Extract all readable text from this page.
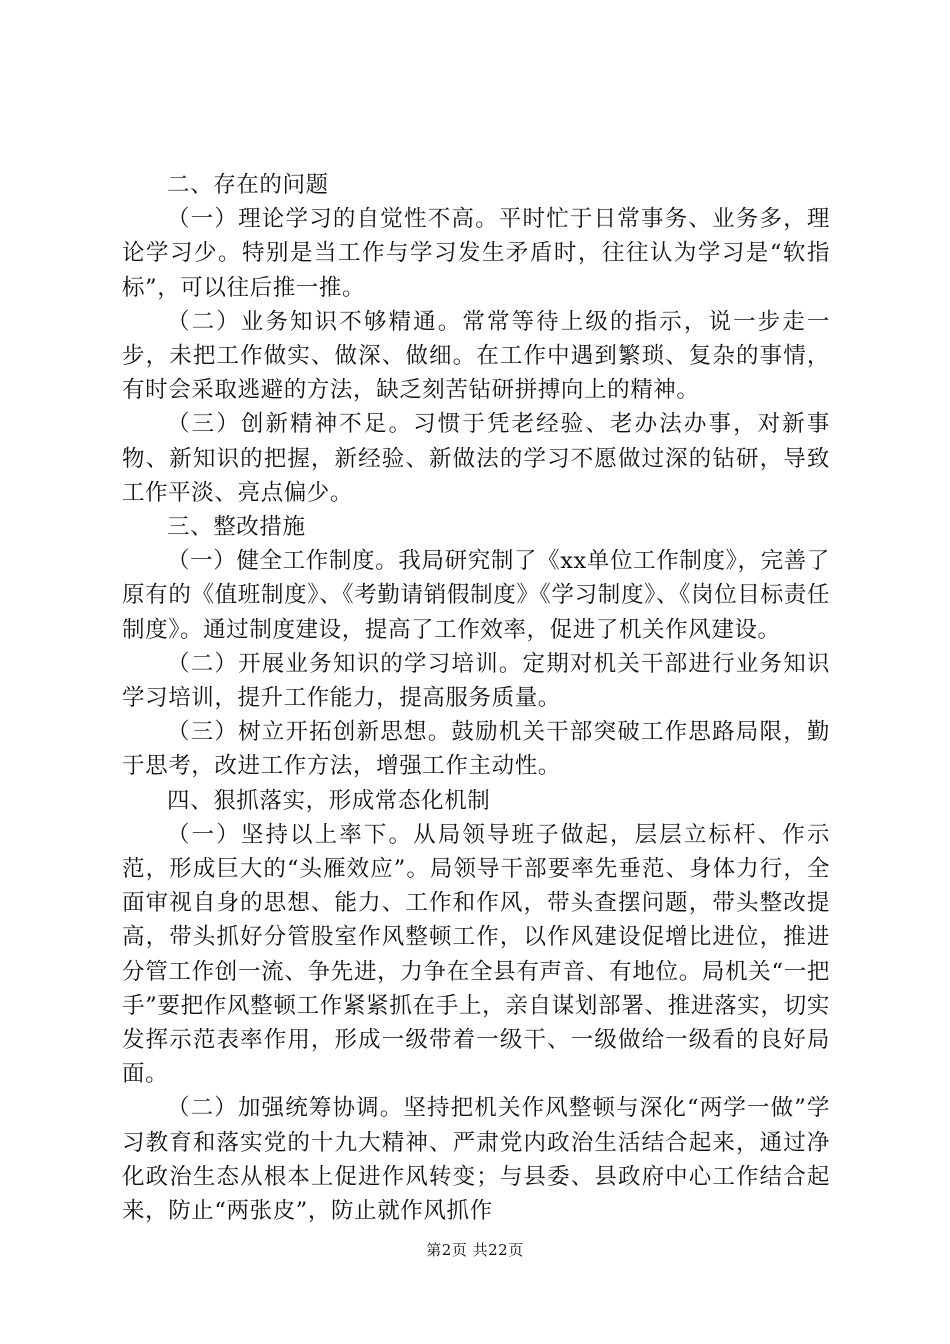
二、存在的问题

（一）理论学习的自觉性不高。平时忙于日常事务、业务多，理论学习少。特别是当工作与学习发生矛盾时，往往认为学习是“软指标”，可以往后推一推。

（二）业务知识不够精通。常常等待上级的指示，说一步走一步，未把工作做实、做深、做细。在工作中遇到繁琐、复杂的事情，有时会采取逃避的方法，缺乏刻苦钻研拼搏向上的精神。

（三）创新精神不足。习惯于凭老经验、老办法办事，对新事物、新知识的把握，新经验、新做法的学习不愿做过深的钻研，导致工作平淡、亮点偏少。

三、整改措施

（一）健全工作制度。我局研究制了《xx单位工作制度》，完善了原有的《值班制度》、《考勤请销假制度》《学习制度》、《岗位目标责任制度》。通过制度建设，提高了工作效率，促进了机关作风建设。

（二）开展业务知识的学习培训。定期对机关干部进行业务知识学习培训，提升工作能力，提高服务质量。

（三）树立开拓创新思想。鼓励机关干部突破工作思路局限，勤于思考，改进工作方法，增强工作主动性。

四、狠抓落实，形成常态化机制

（一）坚持以上率下。从局领导班子做起，层层立标杆、作示范，形成巨大的“头雁效应”。局领导干部要率先垂范、身体力行，全面审视自身的思想、能力、工作和作风，带头查摆问题，带头整改提高，带头抓好分管股室作风整顿工作，以作风建设促增比进位，推进分管工作创一流、争先进，力争在全县有声音、有地位。局机关“一把手”要把作风整顿工作紧紧抓在手上，亲自谋划部署、推进落实，切实发挥示范表率作用，形成一级带着一级干、一级做给一级看的良好局面。

（二）加强统筹协调。坚持把机关作风整顿与深化“两学一做”学习教育和落实党的十九大精神、严肃党内政治生活结合起来，通过净化政治生态从根本上促进作风转变；与县委、县政府中心工作结合起来，防止“两张皮”，防止就作风抓作

第2页 共22页
